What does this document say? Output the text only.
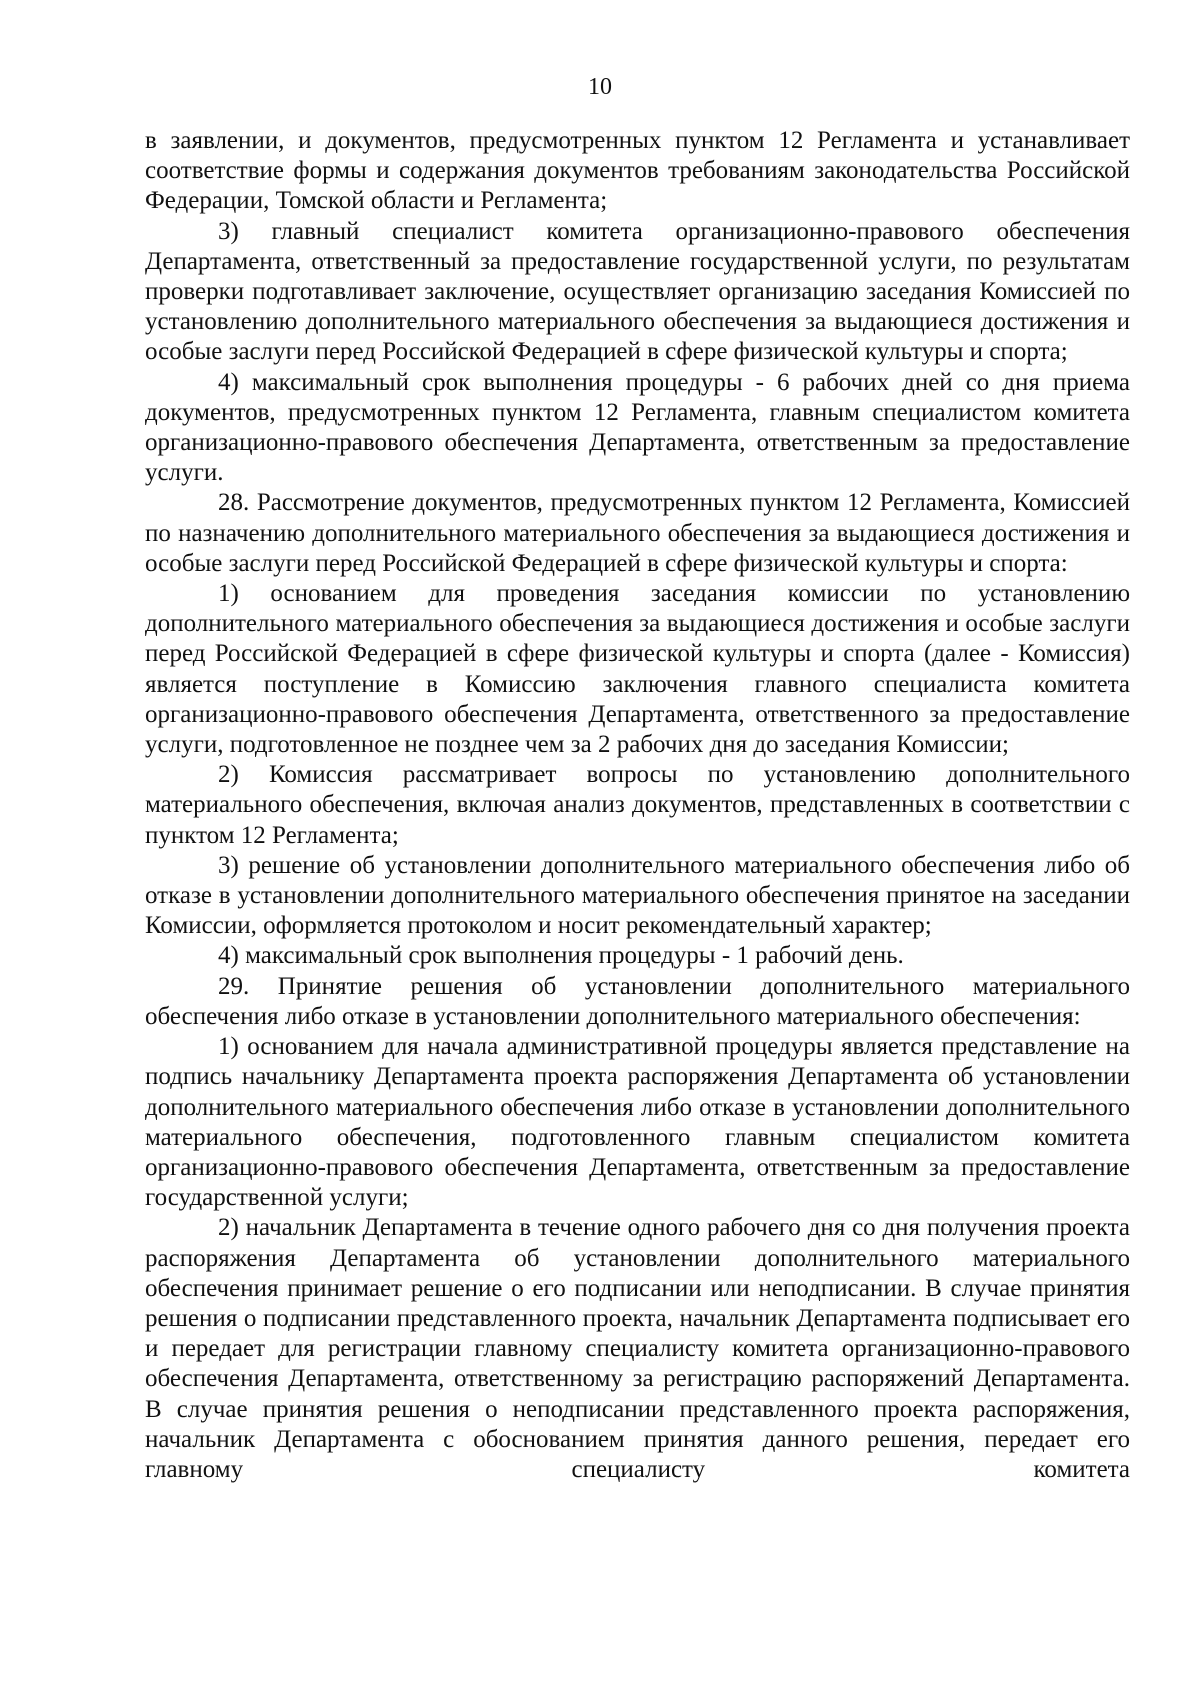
10

в заявлении, и документов, предусмотренных пунктом 12 Регламента и устанавливает соответствие формы и содержания документов требованиям законодательства Российской Федерации, Томской области и Регламента;

3) главный специалист комитета организационно-правового обеспечения Департамента, ответственный за предоставление государственной услуги, по результатам проверки подготавливает заключение, осуществляет организацию заседания Комиссией по установлению дополнительного материального обеспечения за выдающиеся достижения и особые заслуги перед Российской Федерацией в сфере физической культуры и спорта;

4) максимальный срок выполнения процедуры - 6 рабочих дней со дня приема документов, предусмотренных пунктом 12 Регламента, главным специалистом комитета организационно-правового обеспечения Департамента, ответственным за предоставление услуги.

28. Рассмотрение документов, предусмотренных пунктом 12 Регламента, Комиссией по назначению дополнительного материального обеспечения за выдающиеся достижения и особые заслуги перед Российской Федерацией в сфере физической культуры и спорта:

1) основанием для проведения заседания комиссии по установлению дополнительного материального обеспечения за выдающиеся достижения и особые заслуги перед Российской Федерацией в сфере физической культуры и спорта (далее - Комиссия) является поступление в Комиссию заключения главного специалиста комитета организационно-правового обеспечения Департамента, ответственного за предоставление услуги, подготовленное не позднее чем за 2 рабочих дня до заседания Комиссии;

2) Комиссия рассматривает вопросы по установлению дополнительного материального обеспечения, включая анализ документов, представленных в соответствии с пунктом 12 Регламента;

3) решение об установлении дополнительного материального обеспечения либо об отказе в установлении дополнительного материального обеспечения принятое на заседании Комиссии, оформляется протоколом и носит рекомендательный характер;

4) максимальный срок выполнения процедуры - 1 рабочий день.

29. Принятие решения об установлении дополнительного материального обеспечения либо отказе в установлении дополнительного материального обеспечения:

1) основанием для начала административной процедуры является представление на подпись начальнику Департамента проекта распоряжения Департамента об установлении дополнительного материального обеспечения либо отказе в установлении дополнительного материального обеспечения, подготовленного главным специалистом комитета организационно-правового обеспечения Департамента, ответственным за предоставление государственной услуги;

2) начальник Департамента в течение одного рабочего дня со дня получения проекта распоряжения Департамента об установлении дополнительного материального обеспечения принимает решение о его подписании или неподписании. В случае принятия решения о подписании представленного проекта, начальник Департамента подписывает его и передает для регистрации главному специалисту комитета организационно-правового обеспечения Департамента, ответственному за регистрацию распоряжений Департамента. В случае принятия решения о неподписании представленного проекта распоряжения, начальник Департамента с обоснованием принятия данного решения, передает его главному специалисту комитета
